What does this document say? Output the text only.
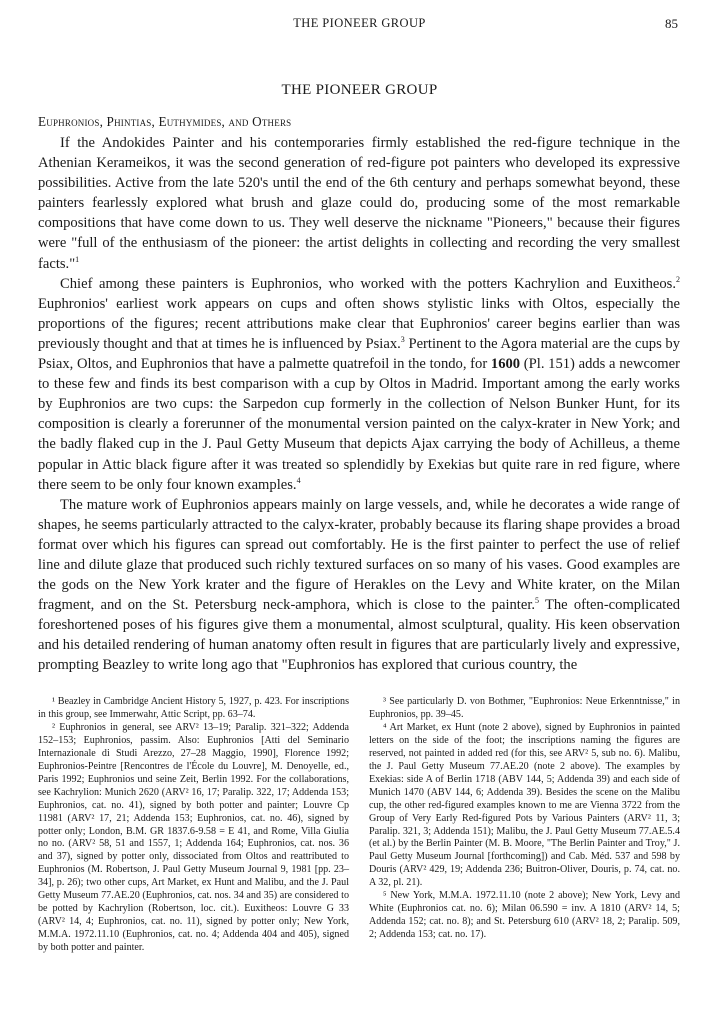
THE PIONEER GROUP	85
THE PIONEER GROUP
Euphronios, Phintias, Euthymides, and Others

If the Andokides Painter and his contemporaries firmly established the red-figure technique in the Athenian Kerameikos, it was the second generation of red-figure pot painters who developed its expressive possibilities. Active from the late 520's until the end of the 6th century and perhaps somewhat beyond, these painters fearlessly explored what brush and glaze could do, producing some of the most remarkable compositions that have come down to us. They well deserve the nickname "Pioneers," because their figures were "full of the enthusiasm of the pioneer: the artist delights in collecting and recording the very smallest facts."$^1$

Chief among these painters is Euphronios, who worked with the potters Kachrylion and Euxitheos.$^2$ Euphronios' earliest work appears on cups and often shows stylistic links with Oltos, especially the proportions of the figures; recent attributions make clear that Euphronios' career begins earlier than was previously thought and that at times he is influenced by Psiax.$^3$ Pertinent to the Agora material are the cups by Psiax, Oltos, and Euphronios that have a palmette quatrefoil in the tondo, for 1600 (Pl. 151) adds a newcomer to these few and finds its best comparison with a cup by Oltos in Madrid. Important among the early works by Euphronios are two cups: the Sarpedon cup formerly in the collection of Nelson Bunker Hunt, for its composition is clearly a forerunner of the monumental version painted on the calyx-krater in New York; and the badly flaked cup in the J. Paul Getty Museum that depicts Ajax carrying the body of Achilleus, a theme popular in Attic black figure after it was treated so splendidly by Exekias but quite rare in red figure, where there seem to be only four known examples.$^4$

The mature work of Euphronios appears mainly on large vessels, and, while he decorates a wide range of shapes, he seems particularly attracted to the calyx-krater, probably because its flaring shape provides a broad format over which his figures can spread out comfortably. He is the first painter to perfect the use of relief line and dilute glaze that produced such richly textured surfaces on so many of his vases. Good examples are the gods on the New York krater and the figure of Herakles on the Levy and White krater, on the Milan fragment, and on the St. Petersburg neck-amphora, which is close to the painter.$^5$ The often-complicated foreshortened poses of his figures give them a monumental, almost sculptural, quality. His keen observation and his detailed rendering of human anatomy often result in figures that are particularly lively and expressive, prompting Beazley to write long ago that "Euphronios has explored that curious country, the

¹ Beazley in Cambridge Ancient History 5, 1927, p. 423. For inscriptions in this group, see Immerwahr, Attic Script, pp. 63–74.

² Euphronios in general, see ARV² 13–19; Paralip. 321–322; Addenda 152–153; Euphronios, passim. Also: Euphronios [Atti del Seminario Internazionale di Studi Arezzo, 27–28 Maggio, 1990], Florence 1992; Euphronios-Peintre [Rencontres de l'École du Louvre], M. Denoyelle, ed., Paris 1992; Euphronios und seine Zeit, Berlin 1992. For the collaborations, see Kachrylion: Munich 2620 (ARV² 16, 17; Paralip. 322, 17; Addenda 153; Euphronios, cat. no. 41), signed by both potter and painter; Louvre Cp 11981 (ARV² 17, 21; Addenda 153; Euphronios, cat. no. 46), signed by potter only; London, B.M. GR 1837.6-9.58 = E 41, and Rome, Villa Giulia no no. (ARV² 58, 51 and 1557, 1; Addenda 164; Euphronios, cat. nos. 36 and 37), signed by potter only, dissociated from Oltos and reattributed to Euphronios (M. Robertson, J. Paul Getty Museum Journal 9, 1981 [pp. 23–34], p. 26); two other cups, Art Market, ex Hunt and Malibu, and the J. Paul Getty Museum 77.AE.20 (Euphronios, cat. nos. 34 and 35) are considered to be potted by Kachrylion (Robertson, loc. cit.). Euxitheos: Louvre G 33 (ARV² 14, 4; Euphronios, cat. no. 11), signed by potter only; New York, M.M.A. 1972.11.10 (Euphronios, cat. no. 4; Addenda 404 and 405), signed by both potter and painter.

³ See particularly D. von Bothmer, "Euphronios: Neue Erkenntnisse," in Euphronios, pp. 39–45.

⁴ Art Market, ex Hunt (note 2 above), signed by Euphronios in painted letters on the side of the foot; the inscriptions naming the figures are reserved, not painted in added red (for this, see ARV² 5, sub no. 6). Malibu, the J. Paul Getty Museum 77.AE.20 (note 2 above). The examples by Exekias: side A of Berlin 1718 (ABV 144, 5; Addenda 39) and each side of Munich 1470 (ABV 144, 6; Addenda 39). Besides the scene on the Malibu cup, the other red-figured examples known to me are Vienna 3722 from the Group of Very Early Red-figured Pots by Various Painters (ARV² 11, 3; Paralip. 321, 3; Addenda 151); Malibu, the J. Paul Getty Museum 77.AE.5.4 (et al.) by the Berlin Painter (M. B. Moore, "The Berlin Painter and Troy," J. Paul Getty Museum Journal [forthcoming]) and Cab. Méd. 537 and 598 by Douris (ARV² 429, 19; Addenda 236; Buitron-Oliver, Douris, p. 74, cat. no. A 32, pl. 21).

⁵ New York, M.M.A. 1972.11.10 (note 2 above); New York, Levy and White (Euphronios cat. no. 6); Milan 06.590 = inv. A 1810 (ARV² 14, 5; Addenda 152; cat. no. 8); and St. Petersburg 610 (ARV² 18, 2; Paralip. 509, 2; Addenda 153; cat. no. 17).
